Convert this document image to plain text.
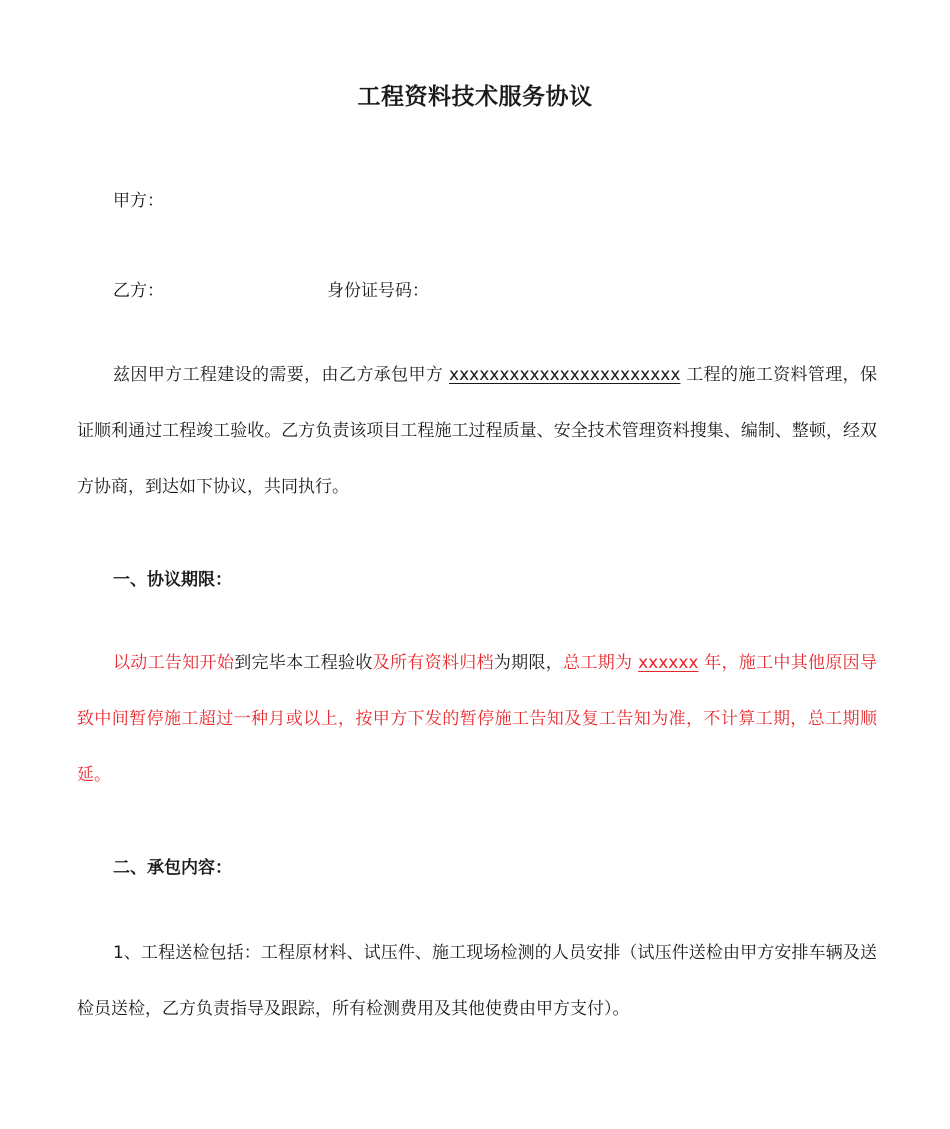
工程资料技术服务协议
甲方：
乙方：	身份证号码：

兹因甲方工程建设的需要，由乙方承包甲方 xxxxxxxxxxxxxxxxxxxxxxx 工程的施工资料管理，保证顺利通过工程竣工验收。乙方负责该项目工程施工过程质量、安全技术管理资料搜集、编制、整顿，经双方协商，到达如下协议，共同执行。

一、协议期限：

以动工告知开始到完毕本工程验收及所有资料归档为期限，总工期为 xxxxxx 年，施工中其他原因导致中间暂停施工超过一种月或以上，按甲方下发的暂停施工告知及复工告知为准，不计算工期，总工期顺延。

二、承包内容：

1、工程送检包括：工程原材料、试压件、施工现场检测的人员安排（试压件送检由甲方安排车辆及送检员送检，乙方负责指导及跟踪，所有检测费用及其他使费由甲方支付）。
